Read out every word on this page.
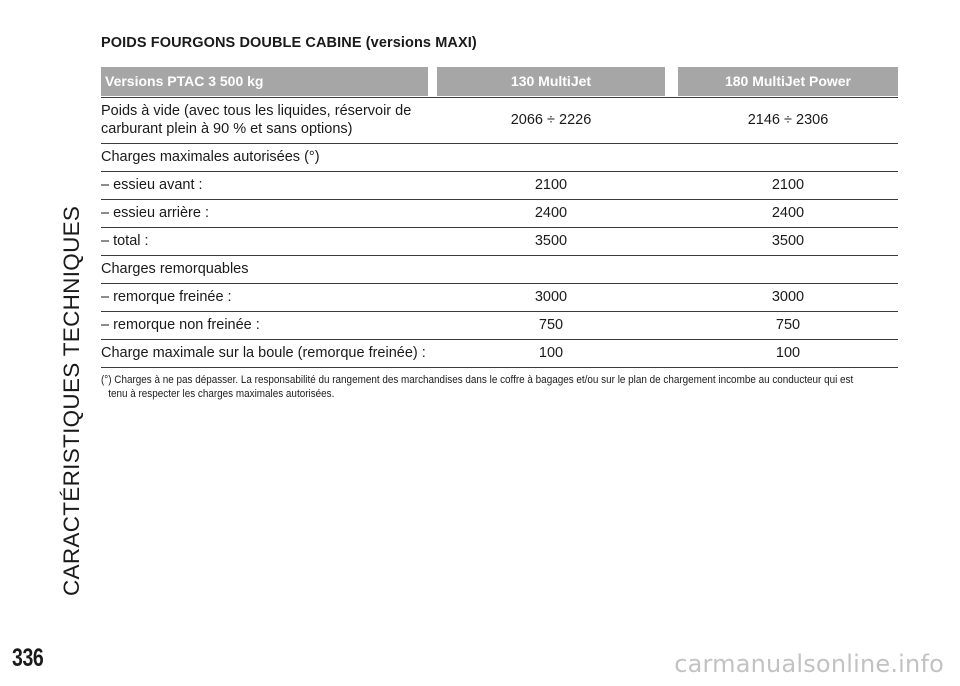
CARACTÉRISTIQUES TECHNIQUES
POIDS FOURGONS DOUBLE CABINE (versions MAXI)
Versions PTAC 3 500 kg	130 MultiJet	180 MultiJet Power
Poids à vide (avec tous les liquides, réservoir de
carburant plein à 90 % et sans options)
2066 ÷ 2226	2146 ÷ 2306
Charges maximales autorisées (°)
– essieu avant :	2100	2100
– essieu arrière :	2400	2400
– total :	3500	3500
Charges remorquables
– remorque freinée :	3000	3000
– remorque non freinée :	750	750
Charge maximale sur la boule (remorque freinée) :	100	100
(°) Charges à ne pas dépasser. La responsabilité du rangement des marchandises dans le coffre à bagages et/ou sur le plan de chargement incombe au conducteur qui est
tenu à respecter les charges maximales autorisées.
336	carmanualsonline.info
